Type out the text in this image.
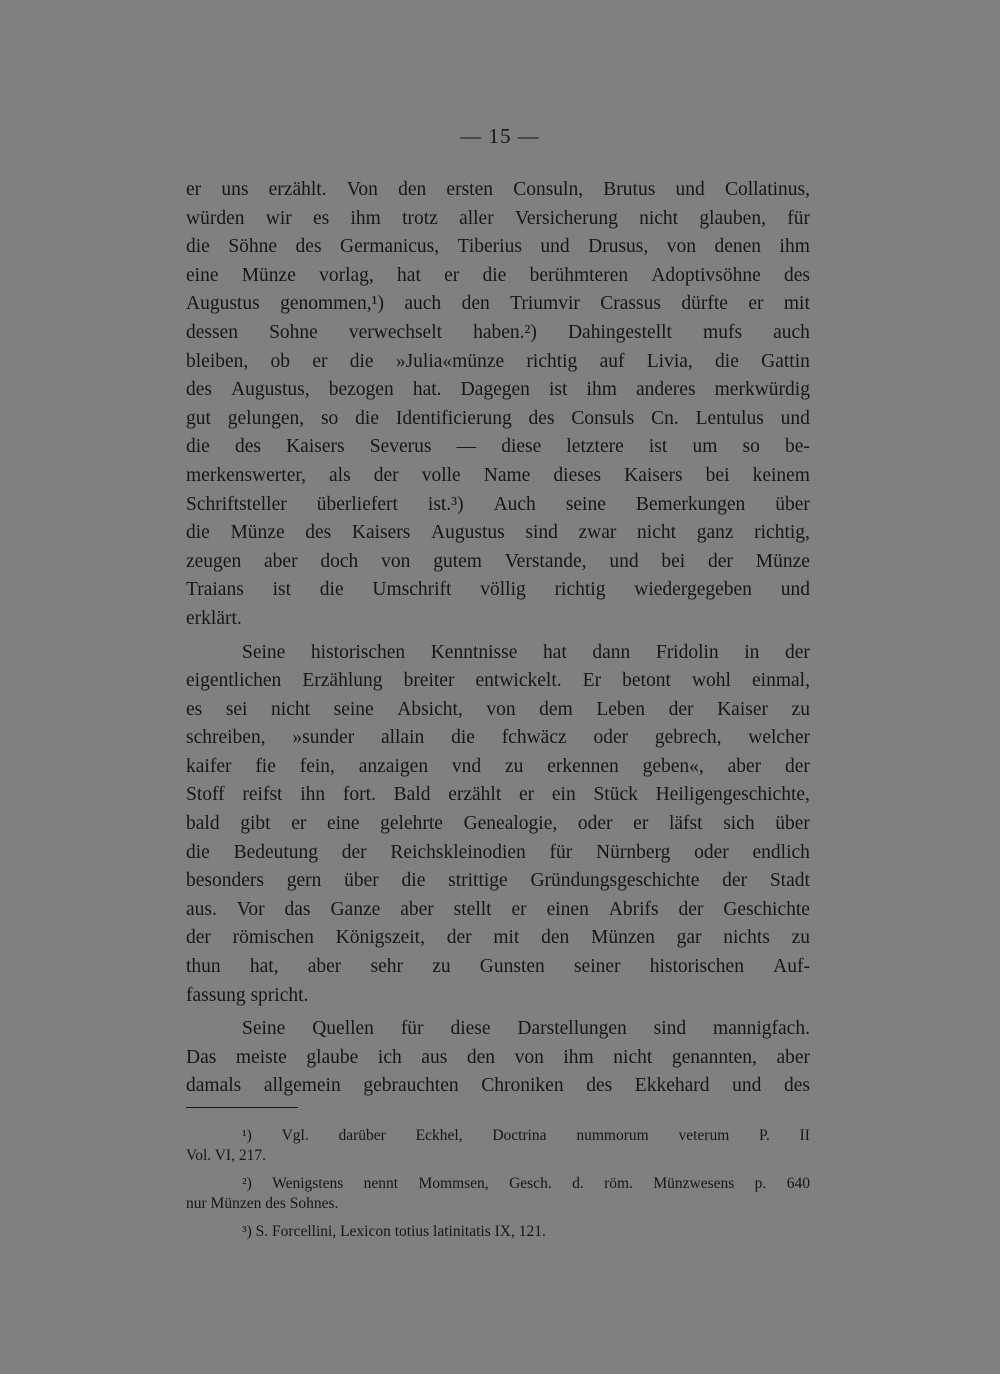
— 15 —
er uns erzählt. Von den ersten Consuln, Brutus und Collatinus,
würden wir es ihm trotz aller Versicherung nicht glauben, für
die Söhne des Germanicus, Tiberius und Drusus, von denen ihm
eine Münze vorlag, hat er die berühmteren Adoptivsöhne des
Augustus genommen,¹) auch den Triumvir Crassus dürfte er mit
dessen Sohne verwechselt haben.²) Dahingestellt mufs auch
bleiben, ob er die »Julia«münze richtig auf Livia, die Gattin
des Augustus, bezogen hat. Dagegen ist ihm anderes merkwürdig
gut gelungen, so die Identificierung des Consuls Cn. Lentulus und
die des Kaisers Severus — diese letztere ist um so be-
merkenswerter, als der volle Name dieses Kaisers bei keinem
Schriftsteller überliefert ist.³) Auch seine Bemerkungen über
die Münze des Kaisers Augustus sind zwar nicht ganz richtig,
zeugen aber doch von gutem Verstande, und bei der Münze
Traians ist die Umschrift völlig richtig wiedergegeben und
erklärt.
Seine historischen Kenntnisse hat dann Fridolin in der
eigentlichen Erzählung breiter entwickelt. Er betont wohl einmal,
es sei nicht seine Absicht, von dem Leben der Kaiser zu
schreiben, »sunder allain die fchwäcz oder gebrech, welcher
kaifer fie fein, anzaigen vnd zu erkennen geben«, aber der
Stoff reifst ihn fort. Bald erzählt er ein Stück Heiligengeschichte,
bald gibt er eine gelehrte Genealogie, oder er läfst sich über
die Bedeutung der Reichskleinodien für Nürnberg oder endlich
besonders gern über die strittige Gründungsgeschichte der Stadt
aus. Vor das Ganze aber stellt er einen Abrifs der Geschichte
der römischen Königszeit, der mit den Münzen gar nichts zu
thun hat, aber sehr zu Gunsten seiner historischen Auf-
fassung spricht.
Seine Quellen für diese Darstellungen sind mannigfach.
Das meiste glaube ich aus den von ihm nicht genannten, aber
damals allgemein gebrauchten Chroniken des Ekkehard und des
¹) Vgl. darüber Eckhel, Doctrina nummorum veterum P. II
Vol. VI, 217.
²) Wenigstens nennt Mommsen, Gesch. d. röm. Münzwesens p. 640
nur Münzen des Sohnes.
³) S. Forcellini, Lexicon totius latinitatis IX, 121.
